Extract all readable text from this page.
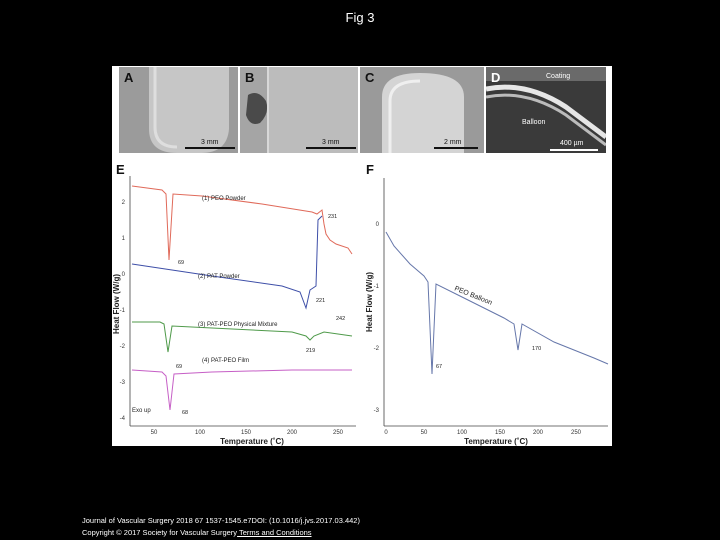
Fig 3
A
3 mm
B
3 mm
C
2 mm
D	Coating
Balloon
400 µm
E
2
1
0
-1
-2
-3
-4
50	100	150	200	250
Temperature (˚C)
Heat Flow (W/g)
(1) PEO Powder
69
231
(2) PAT Powder
221
(3) PAT-PEO Physical Mixture
242
219
(4) PAT-PEO Film
69
68
Exo up
F
0
-1
-2
-3
0	50	100	150	200	250
Temperature (˚C)
Heat Flow (W/g)	PEO Balloon
67
170
Journal of Vascular Surgery 2018 67 1537-1545.e7DOI: (10.1016/j.jvs.2017.03.442)
Copyright © 2017 Society for Vascular Surgery Terms and Conditions
